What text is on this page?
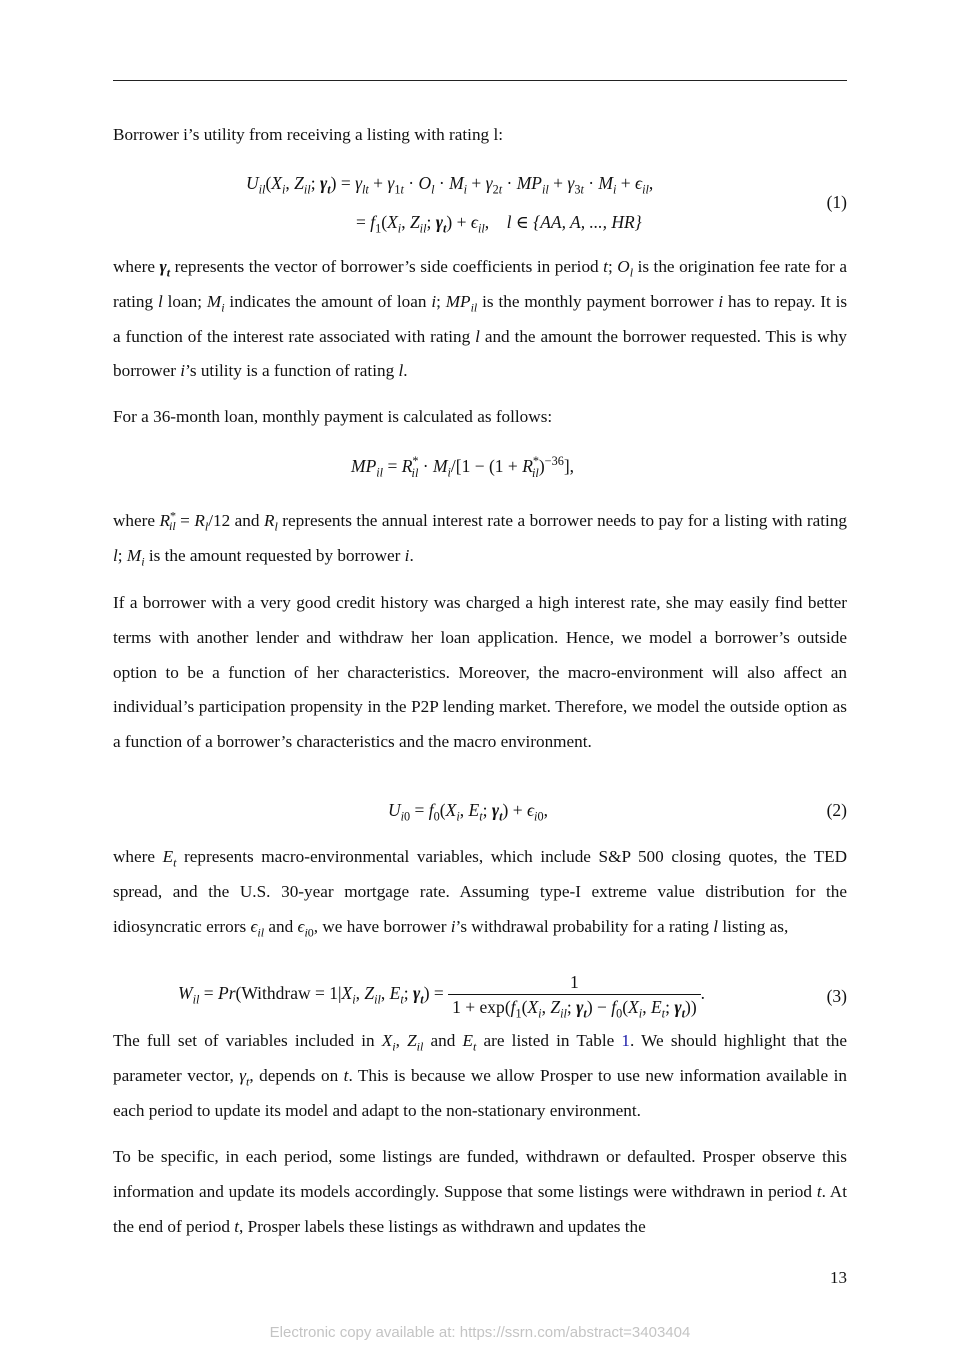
Borrower i’s utility from receiving a listing with rating l:
$U_{il}(X_i$, $Z_{il}$; $\gamma_t) = \gamma_{lt} + \gamma_{1t} \cdot O_l \cdot M_i + \gamma_{2t} \cdot MP_{il} + \gamma_{3t} \cdot M_i + \epsilon_{il}$,
= $f_1(X_i$, $Z_{il}$; $\gamma_t) + \epsilon_{il}$,    l ∈ {AA, A, ..., HR}
(1)
where $\gamma_t$ represents the vector of borrower’s side coefficients in period t; $O_l$ is the origination fee rate for a rating l loan; $M_i$ indicates the amount of loan i; $MP_{il}$ is the monthly payment borrower i has to repay. It is a function of the interest rate associated with rating l and the amount the borrower requested. This is why borrower i’s utility is a function of rating l.
For a 36-month loan, monthly payment is calculated as follows:
$MP_{il} = R^*_{il} \cdot M_i/[1 - (1 + R^*_{il})^{-36}]$,
where $R^*_{il} = R_l/12$ and $R_l$ represents the annual interest rate a borrower needs to pay for a listing with rating l; $M_i$ is the amount requested by borrower i.
If a borrower with a very good credit history was charged a high interest rate, she may easily find better terms with another lender and withdraw her loan application. Hence, we model a borrower’s outside option to be a function of her characteristics. Moreover, the macro-environment will also affect an individual’s participation propensity in the P2P lending market. Therefore, we model the outside option as a function of a borrower’s characteristics and the macro environment.
$U_{i0} = f_0(X_i$, $E_t$; $\gamma_t) + \epsilon_{i0}$,	(2)
where $E_t$ represents macro-environmental variables, which include S&P 500 closing quotes, the TED spread, and the U.S. 30-year mortgage rate. Assuming type-I extreme value distribution for the idiosyncratic errors $\epsilon_{il}$ and $\epsilon_{i0}$, we have borrower i’s withdrawal probability for a rating l listing as,
$W_{il}$ = Pr(Withdraw = $1|X_i$, $Z_{il}$, $E_t$; $\gamma_t) = \frac{1}{1 + \exp(f_1(X_i, Z_{il}; \gamma_t) - f_0(X_i, E_t; \gamma_t))}$ .	(3)
The full set of variables included in $X_i$, $Z_{il}$ and $E_t$ are listed in Table 1. We should highlight that the parameter vector, $\gamma_t$, depends on t. This is because we allow Prosper to use new information available in each period to update its model and adapt to the non-stationary environment.
To be specific, in each period, some listings are funded, withdrawn or defaulted. Prosper observe this information and update its models accordingly. Suppose that some listings were withdrawn in period t. At the end of period t, Prosper labels these listings as withdrawn and updates the
13
Electronic copy available at: https://ssrn.com/abstract=3403404
